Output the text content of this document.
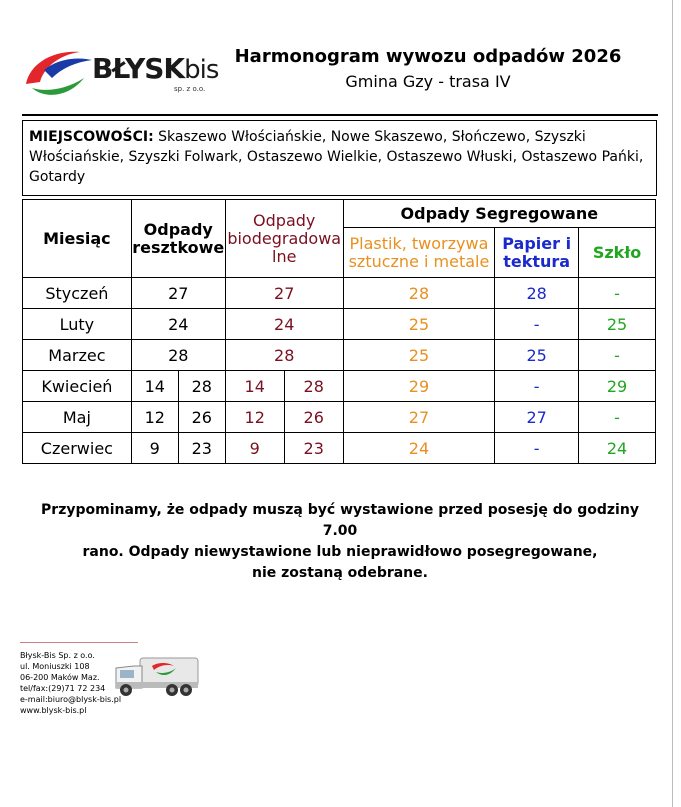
BŁYSKbis
sp. z o.o.
Harmonogram wywozu odpadów 2026
Gmina Gzy - trasa IV
MIEJSCOWOŚCI: Skaszewo Włościańskie, Nowe Skaszewo, Słończewo, Szyszki Włościańskie, Szyszki Folwark, Ostaszewo Wielkie, Ostaszewo Włuski, Ostaszewo Pańki, Gotardy
Miesiąc	Odpady resztkowe		Odpady biodegradowa lne		Odpady Segregowane		
					Plastik, tworzywa sztuczne i metale	Papier i tektura	Szkło
Styczeń	27		27		28	28	-
Luty	24		24		25	-	25
Marzec	28		28		25	25	-
Kwiecień	14	28	14	28	29	-	29
Maj	12	26	12	26	27	27	-
Czerwiec	9	23	9	23	24	-	24
Przypominamy, że odpady muszą być wystawione przed posesję do godziny 7.00
rano. Odpady niewystawione lub nieprawidłowo posegregowane,
nie zostaną odebrane.
Błysk-Bis Sp. z o.o.
ul. Moniuszki 108
06-200 Maków Maz.
tel/fax:(29)71 72 234
e-mail:biuro@blysk-bis.pl
www.blysk-bis.pl
